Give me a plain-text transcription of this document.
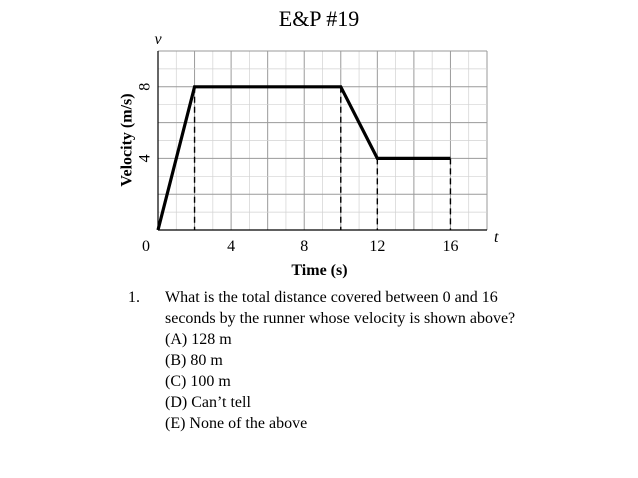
E&P #19
0	4	8	12	16
4
8
t
v
Time (s)
Velocity (m/s)
1. What is the total distance covered between 0 and 16 seconds by the runner whose velocity is shown above?
(A) 128 m
(B) 80 m
(C) 100 m
(D) Can’t tell
(E) None of the above
